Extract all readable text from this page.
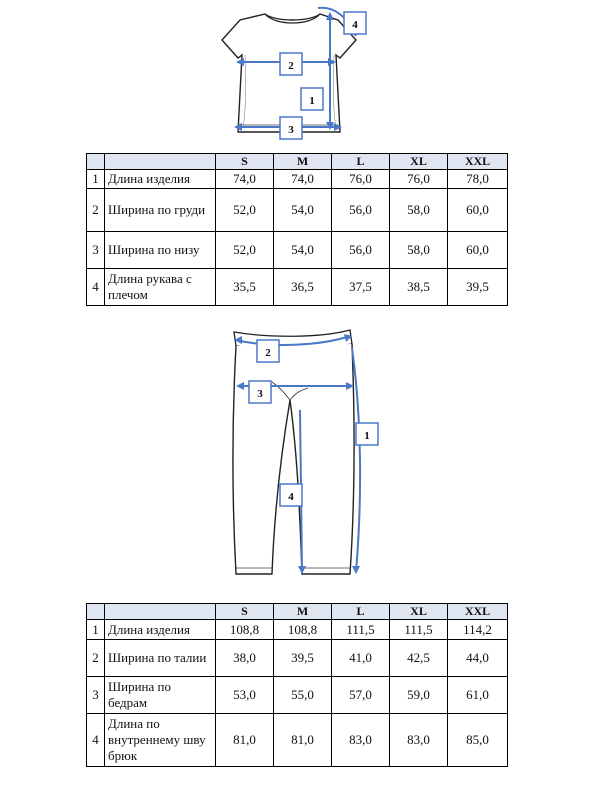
1
2
3
4
		S	M	L	XL	XXL
1	Длина изделия	74,0	74,0	76,0	76,0	78,0
2	Ширина по груди	52,0	54,0	56,0	58,0	60,0
3	Ширина по низу	52,0	54,0	56,0	58,0	60,0
4	Длина рукава с плечом	35,5	36,5	37,5	38,5	39,5
2
3
1
4
		S	M	L	XL	XXL
1	Длина изделия	108,8	108,8	111,5	111,5	114,2
2	Ширина по талии	38,0	39,5	41,0	42,5	44,0
3	Ширина по бедрам	53,0	55,0	57,0	59,0	61,0
4	Длина по внутреннему шву брюк	81,0	81,0	83,0	83,0	85,0
